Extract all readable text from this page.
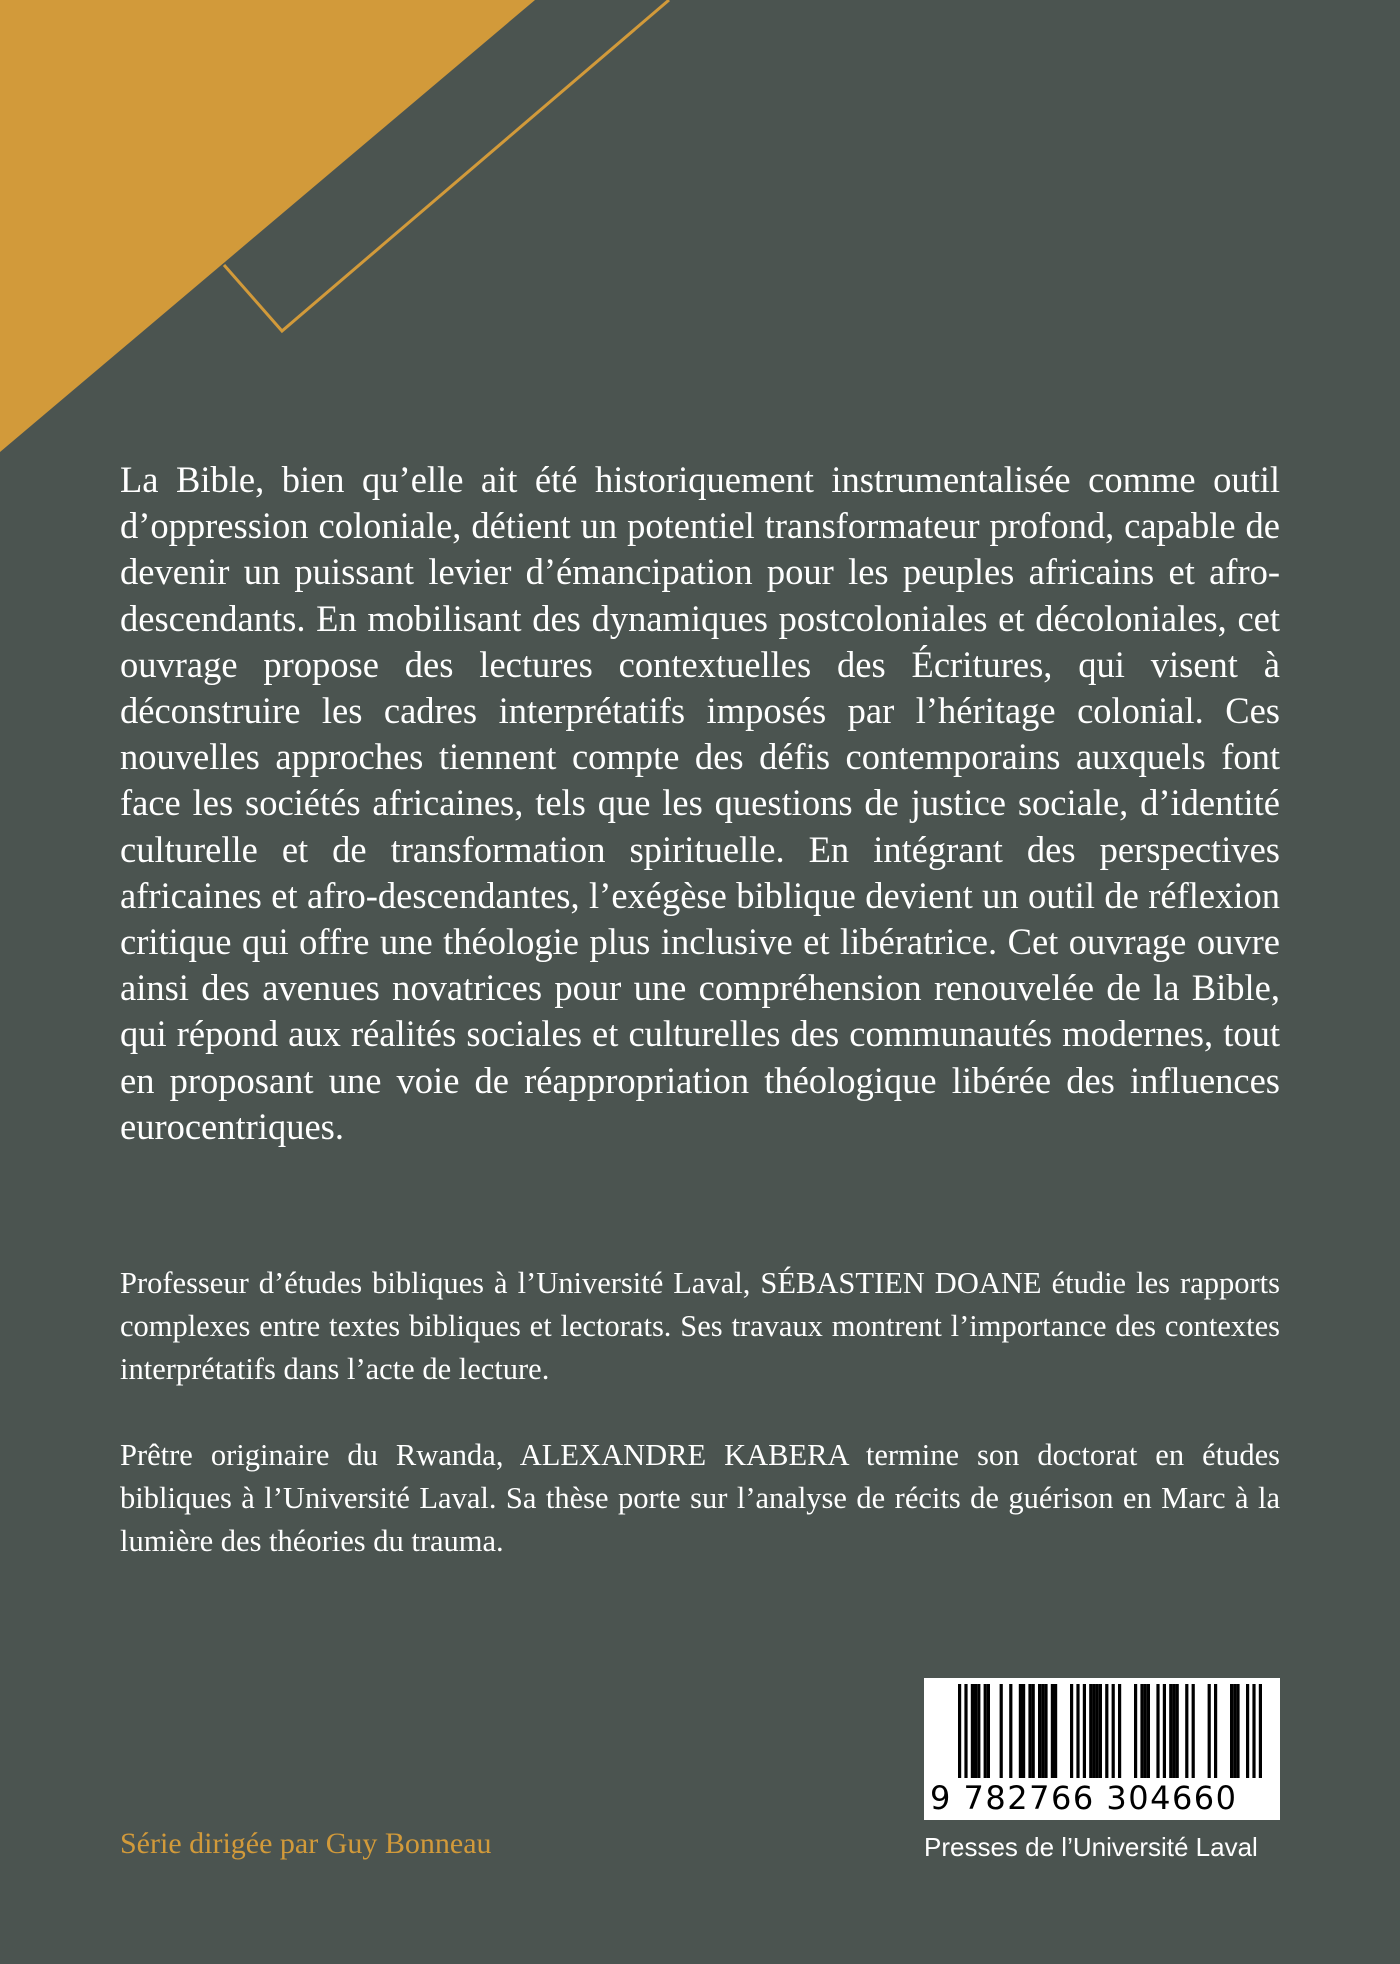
La Bible, bien qu’elle ait été historiquement instrumentalisée comme outil d’oppression coloniale, détient un potentiel transformateur profond, capable de devenir un puissant levier d’émancipation pour les peuples africains et afro-descendants. En mobilisant des dynamiques postcoloniales et décoloniales, cet ouvrage propose des lectures contextuelles des Écritures, qui visent à déconstruire les cadres interprétatifs imposés par l’héritage colonial. Ces nouvelles approches tiennent compte des défis contemporains auxquels font face les sociétés africaines, tels que les questions de justice sociale, d’identité culturelle et de transformation spirituelle. En intégrant des perspectives africaines et afro-descendantes, l’exégèse biblique devient un outil de réflexion critique qui offre une théologie plus inclusive et libératrice. Cet ouvrage ouvre ainsi des avenues novatrices pour une compréhension renouvelée de la Bible, qui répond aux réalités sociales et culturelles des communautés modernes, tout en proposant une voie de réappropriation théologique libérée des influences eurocentriques.

Professeur d’études bibliques à l’Université Laval, SÉBASTIEN DOANE étudie les rapports complexes entre textes bibliques et lectorats. Ses travaux montrent l’importance des contextes interprétatifs dans l’acte de lecture.

Prêtre originaire du Rwanda, ALEXANDRE KABERA termine son doctorat en études bibliques à l’Université Laval. Sa thèse porte sur l’analyse de récits de guérison en Marc à la lumière des théories du trauma.

Série dirigée par Guy Bonneau

9 782766 304660

Presses de l’Université Laval
